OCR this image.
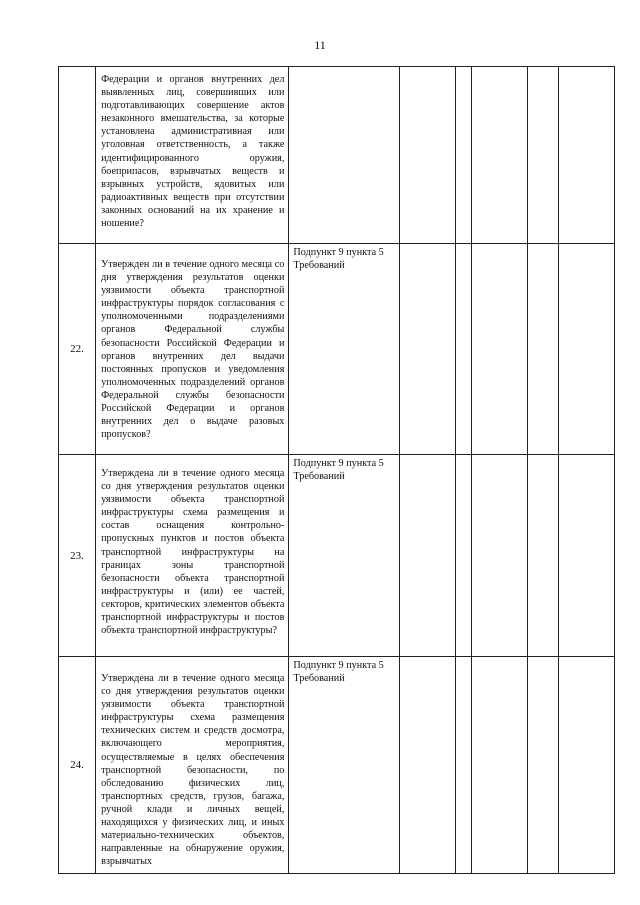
11

	Федерации и органов внутренних дел выявленных лиц, совершивших или подготавливающих совершение актов незаконного вмешательства, за которые установлена административная или уголовная ответственность, а также идентифицированного оружия, боеприпасов, взрывчатых веществ и взрывных устройств, ядовитых или радиоактивных веществ при отсутствии законных оснований на их хранение и ношение?						

22.	Утвержден ли в течение одного месяца со дня утверждения результатов оценки уязвимости объекта транспортной инфраструктуры порядок согласования с уполномоченными подразделениями органов Федеральной службы безопасности Российской Федерации и органов внутренних дел выдачи постоянных пропусков и уведомления уполномоченных подразделений органов Федеральной службы безопасности Российской Федерации и органов внутренних дел о выдаче разовых пропусков?	Подпункт 9 пункта 5 Требований					

23.	Утверждена ли в течение одного месяца со дня утверждения результатов оценки уязвимости объекта транспортной инфраструктуры схема размещения и состав оснащения контрольно-пропускных пунктов и постов объекта транспортной инфраструктуры на границах зоны транспортной безопасности объекта транспортной инфраструктуры и (или) ее частей, секторов, критических элементов объекта транспортной инфраструктуры и постов объекта транспортной инфраструктуры?	Подпункт 9 пункта 5 Требований					

24.	Утверждена ли в течение одного месяца со дня утверждения результатов оценки уязвимости объекта транспортной инфраструктуры схема размещения технических систем и средств досмотра, включающего мероприятия, осуществляемые в целях обеспечения транспортной безопасности, по обследованию физических лиц, транспортных средств, грузов, багажа, ручной клади и личных вещей, находящихся у физических лиц, и иных материально-технических объектов, направленные на обнаружение оружия, взрывчатых	Подпункт 9 пункта 5 Требований					
